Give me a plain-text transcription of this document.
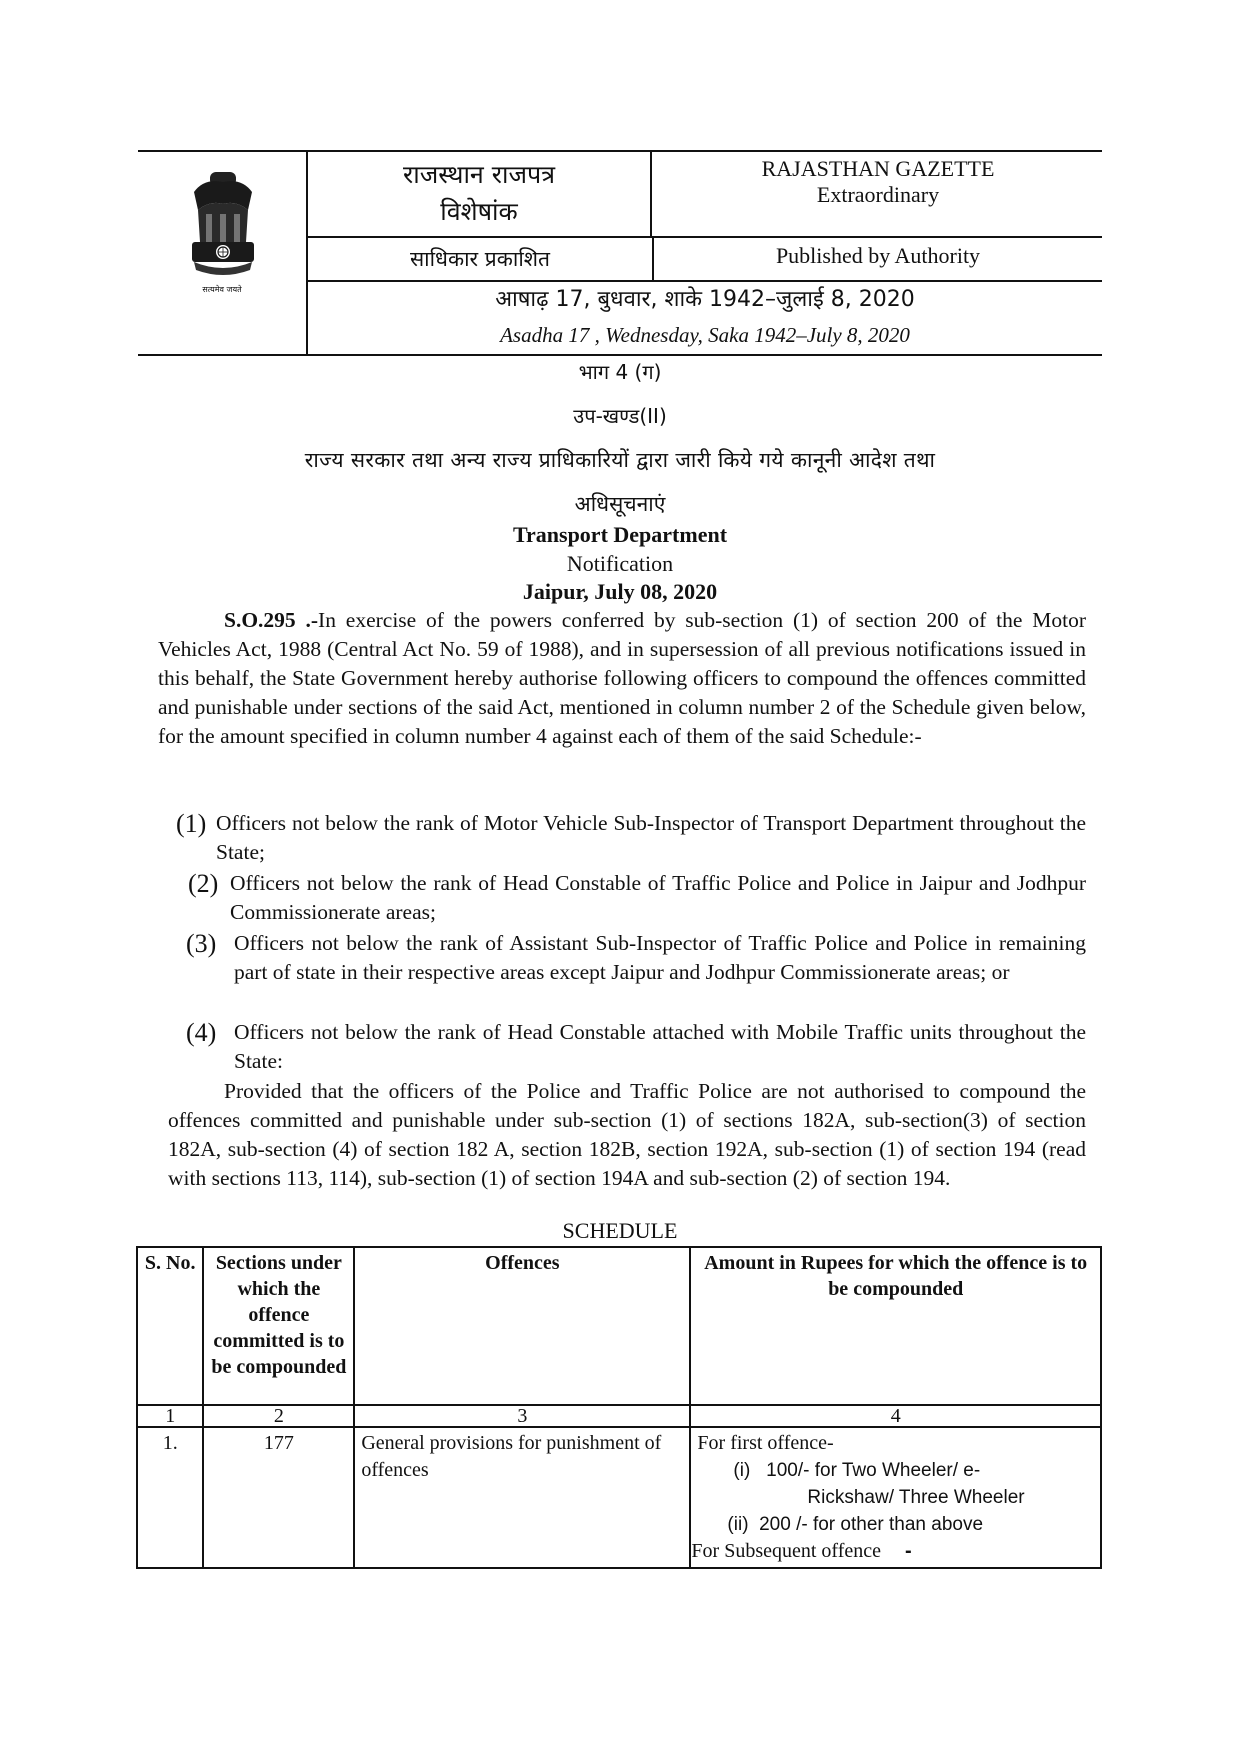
सत्यमेव जयते
राजस्थान राजपत्र
विशेषांक
RAJASTHAN GAZETTE
Extraordinary
साधिकार प्रकाशित	Published by Authority
आषाढ़ 17, बुधवार, शाके 1942–जुलाई 8, 2020
Asadha 17 , Wednesday, Saka 1942–July 8, 2020
भाग 4 (ग)
उप-खण्ड(II)
राज्य सरकार तथा अन्य राज्य प्राधिकारियों द्वारा जारी किये गये कानूनी आदेश तथा
अधिसूचनाएं
Transport Department
Notification
Jaipur, July 08, 2020
S.O.295 .-In exercise of the powers conferred by sub-section (1) of section 200 of the Motor Vehicles Act, 1988 (Central Act No. 59 of 1988), and in supersession of all previous notifications issued in this behalf, the State Government hereby authorise following officers to compound the offences committed and punishable under sections of the said Act, mentioned in column number 2 of the Schedule given below, for the amount specified in column number 4 against each of them of the said Schedule:-
(1) Officers not below the rank of Motor Vehicle Sub-Inspector of Transport Department throughout the State;
(2) Officers not below the rank of Head Constable of Traffic Police and Police in Jaipur and Jodhpur Commissionerate areas;
(3) Officers not below the rank of Assistant Sub-Inspector of Traffic Police and Police in remaining part of state in their respective areas except Jaipur and Jodhpur Commissionerate areas; or
(4) Officers not below the rank of Head Constable attached with Mobile Traffic units throughout the State:
Provided that the officers of the Police and Traffic Police are not authorised to compound the offences committed and punishable under sub-section (1) of sections 182A, sub-section(3) of section 182A, sub-section (4) of section 182 A, section 182B, section 192A, sub-section (1) of section 194 (read with sections 113, 114), sub-section (1) of section 194A and sub-section (2) of section 194.
SCHEDULE
S. No.	Sections under which the offence committed is to be compounded	Offences	Amount in Rupees for which the offence is to be compounded
1	2	3	4
1.	177	General provisions for punishment of offences	For first offence-
(i) 100/- for Two Wheeler/ e-
Rickshaw/ Three Wheeler
(ii) 200 /- for other than above
For Subsequent offence -
